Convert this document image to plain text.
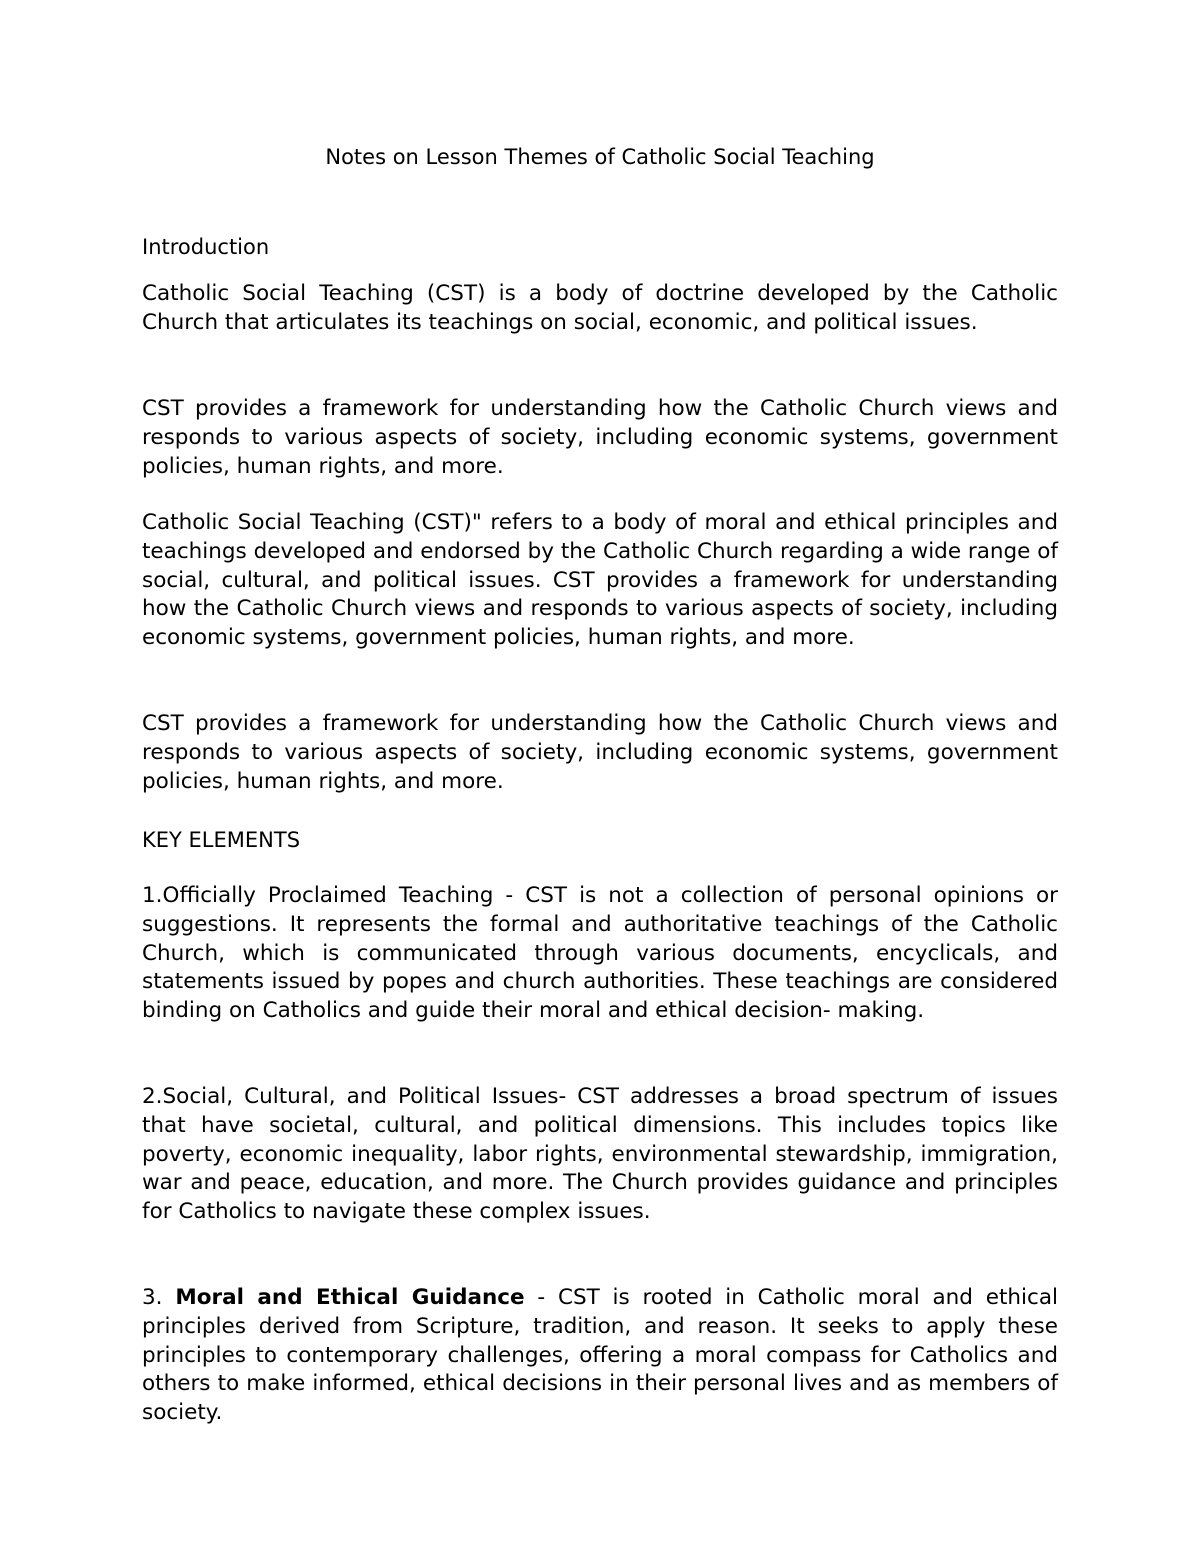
Notes on Lesson Themes of Catholic Social Teaching
Introduction

Catholic Social Teaching (CST) is a body of doctrine developed by the Catholic Church that articulates its teachings on social, economic, and political issues.

CST provides a framework for understanding how the Catholic Church views and responds to various aspects of society, including economic systems, government policies, human rights, and more.

Catholic Social Teaching (CST)" refers to a body of moral and ethical principles and teachings developed and endorsed by the Catholic Church regarding a wide range of social, cultural, and political issues. CST provides a framework for understanding how the Catholic Church views and responds to various aspects of society, including economic systems, government policies, human rights, and more.

CST provides a framework for understanding how the Catholic Church views and responds to various aspects of society, including economic systems, government policies, human rights, and more.

KEY ELEMENTS

1.Officially Proclaimed Teaching - CST is not a collection of personal opinions or suggestions. It represents the formal and authoritative teachings of the Catholic Church, which is communicated through various documents, encyclicals, and statements issued by popes and church authorities. These teachings are considered binding on Catholics and guide their moral and ethical decision- making.

2.Social, Cultural, and Political Issues- CST addresses a broad spectrum of issues that have societal, cultural, and political dimensions. This includes topics like poverty, economic inequality, labor rights, environmental stewardship, immigration, war and peace, education, and more. The Church provides guidance and principles for Catholics to navigate these complex issues.

3. Moral and Ethical Guidance - CST is rooted in Catholic moral and ethical principles derived from Scripture, tradition, and reason. It seeks to apply these principles to contemporary challenges, offering a moral compass for Catholics and others to make informed, ethical decisions in their personal lives and as members of society.
